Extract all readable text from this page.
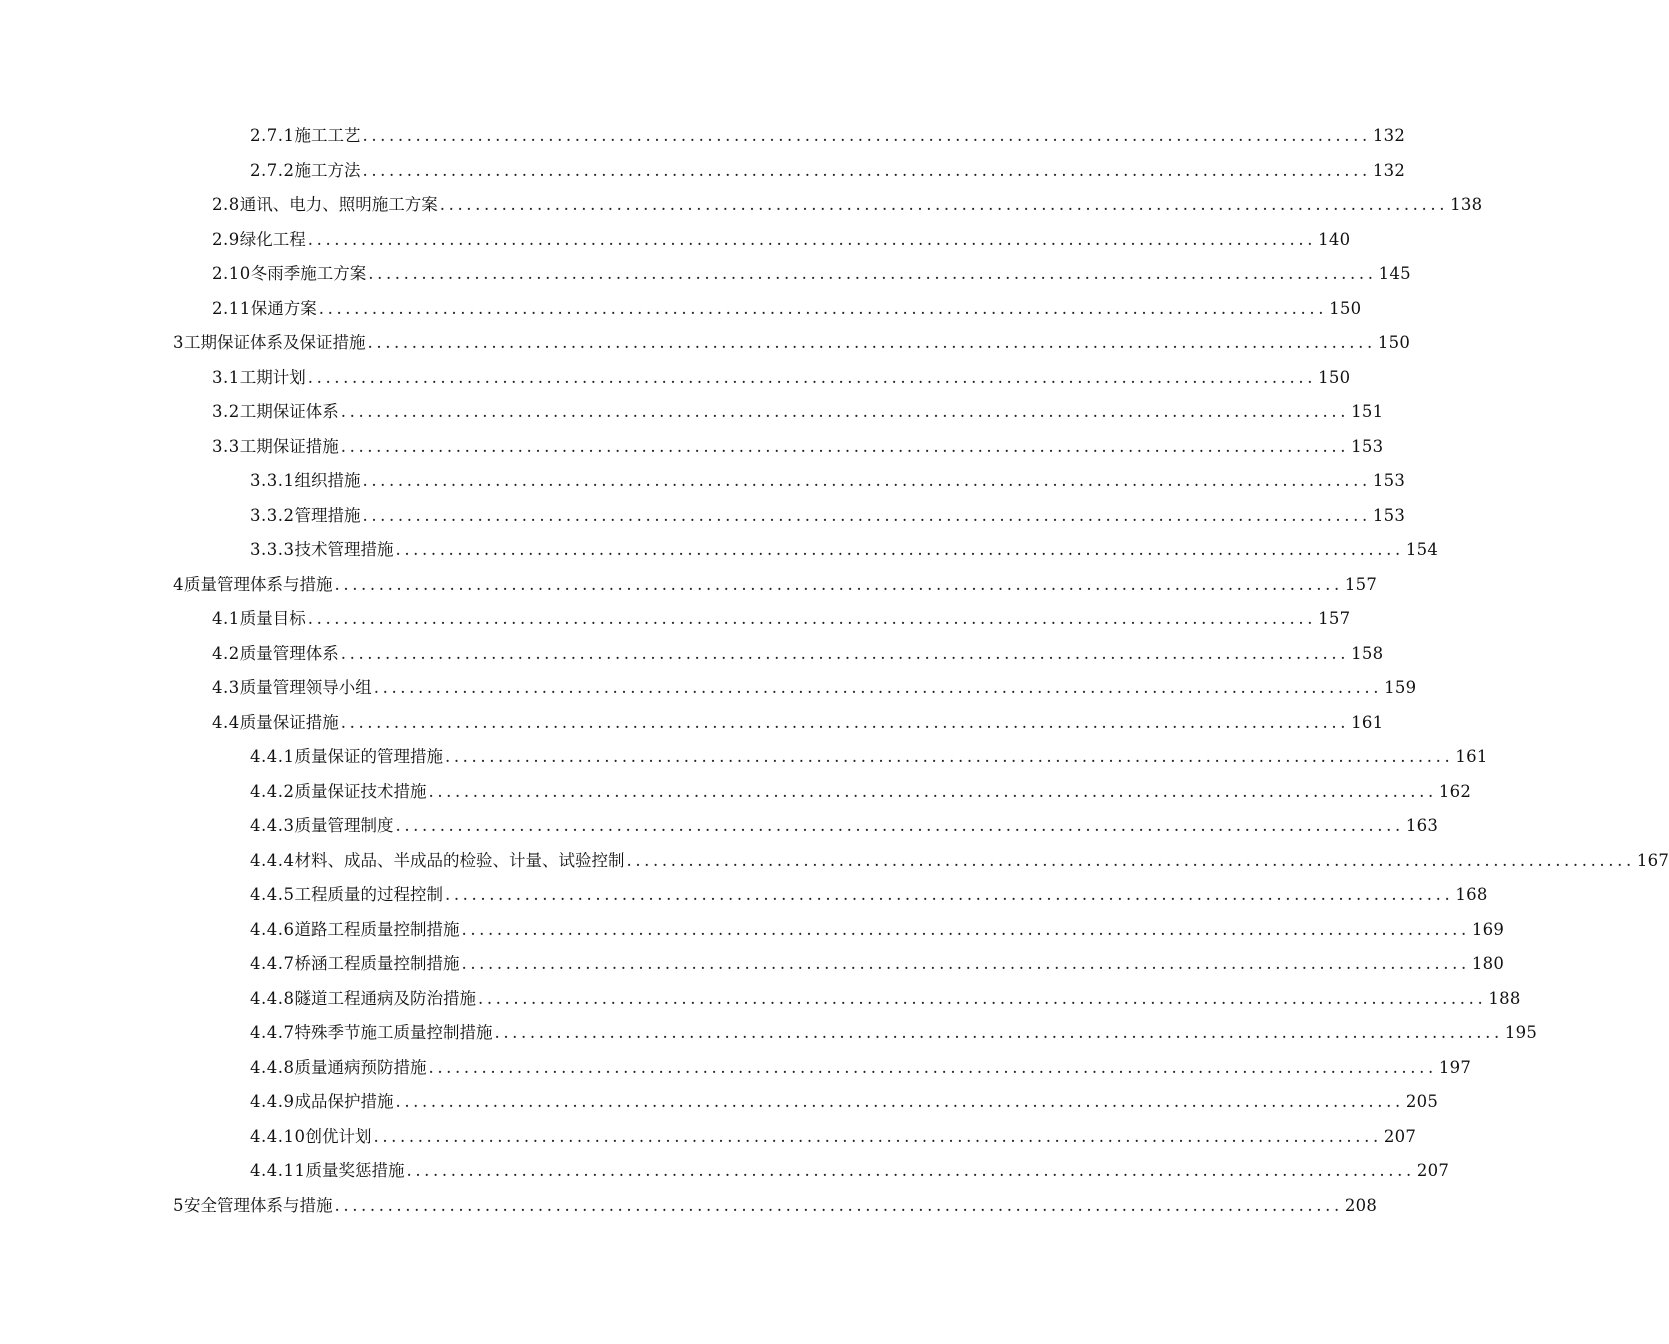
2.7.1 施工工艺 .................................................................................................................. 132
2.7.2 施工方法 .................................................................................................................. 132
2.8 通讯、电力、照明施工方案 .................................................................................................................. 138
2.9 绿化工程 .................................................................................................................. 140
2.10 冬雨季施工方案 .................................................................................................................. 145
2.11 保通方案 .................................................................................................................. 150
3 工期保证体系及保证措施 .................................................................................................................. 150
3.1 工期计划 .................................................................................................................. 150
3.2 工期保证体系 .................................................................................................................. 151
3.3 工期保证措施 .................................................................................................................. 153
3.3.1 组织措施 .................................................................................................................. 153
3.3.2 管理措施 .................................................................................................................. 153
3.3.3 技术管理措施 .................................................................................................................. 154
4 质量管理体系与措施 .................................................................................................................. 157
4.1 质量目标 .................................................................................................................. 157
4.2 质量管理体系 .................................................................................................................. 158
4.3 质量管理领导小组 .................................................................................................................. 159
4.4 质量保证措施 .................................................................................................................. 161
4.4.1 质量保证的管理措施 .................................................................................................................. 161
4.4.2 质量保证技术措施 .................................................................................................................. 162
4.4.3 质量管理制度 .................................................................................................................. 163
4.4.4 材料、成品、半成品的检验、计量、试验控制 .................................................................................................................. 167
4.4.5 工程质量的过程控制 .................................................................................................................. 168
4.4.6 道路工程质量控制措施 .................................................................................................................. 169
4.4.7 桥涵工程质量控制措施 .................................................................................................................. 180
4.4.8 隧道工程通病及防治措施 .................................................................................................................. 188
4.4.7 特殊季节施工质量控制措施 .................................................................................................................. 195
4.4.8 质量通病预防措施 .................................................................................................................. 197
4.4.9 成品保护措施 .................................................................................................................. 205
4.4.10 创优计划 .................................................................................................................. 207
4.4.11 质量奖惩措施 .................................................................................................................. 207
5 安全管理体系与措施 .................................................................................................................. 208
